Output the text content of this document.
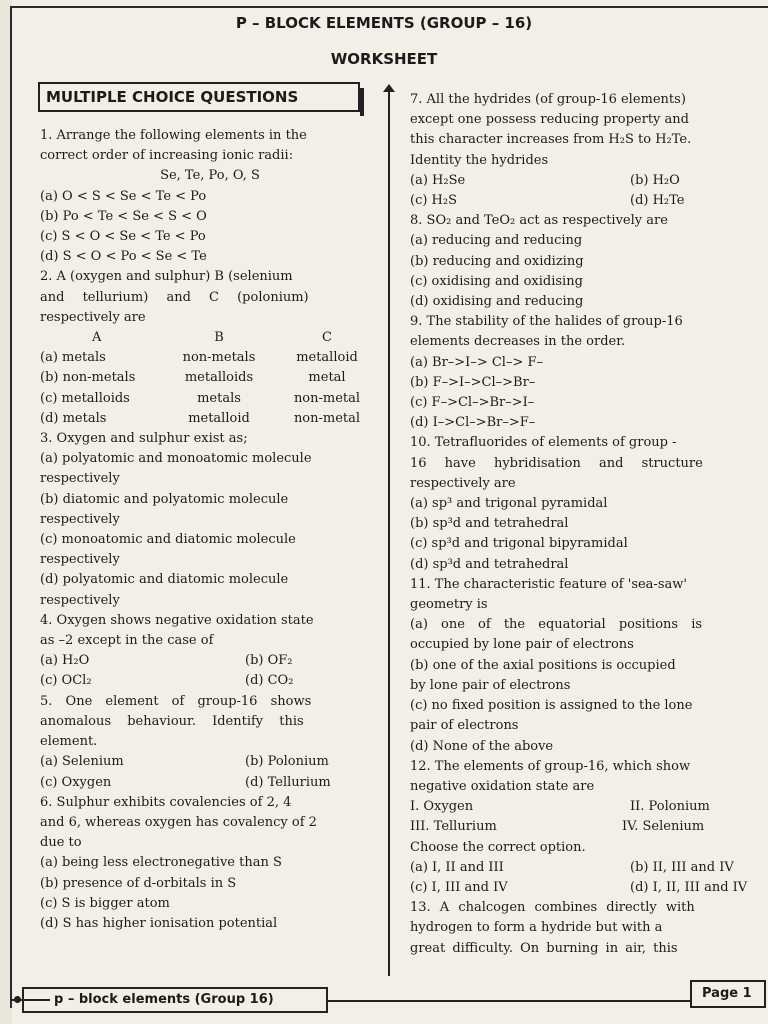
P – BLOCK ELEMENTS (GROUP – 16)
WORKSHEET
MULTIPLE CHOICE QUESTIONS
1. Arrange the following elements in the
correct order of increasing ionic radii:
Se, Te, Po, O, S
(a) O < S < Se < Te < Po
(b) Po < Te < Se < S < O
(c) S < O < Se < Te < Po
(d) S < O < Po < Se < Te
2. A (oxygen and sulphur) B (selenium
and tellurium) and C (polonium)
respectively are
A	B	C
(a) metals	non-metals	metalloid
(b) non-metals	metalloids	metal
(c) metalloids	metals	non-metal
(d) metals	metalloid	non-metal
3. Oxygen and sulphur exist as;
(a) polyatomic and monoatomic molecule
respectively
(b) diatomic and polyatomic molecule
respectively
(c) monoatomic and diatomic molecule
respectively
(d) polyatomic and diatomic molecule
respectively
4. Oxygen shows negative oxidation state
as –2 except in the case of
(a) H₂O	(b) OF₂
(c) OCl₂	(d) CO₂
5. One element of group-16 shows
anomalous behaviour. Identify this
element.
(a) Selenium	(b) Polonium
(c) Oxygen	(d) Tellurium
6. Sulphur exhibits covalencies of 2, 4
and 6, whereas oxygen has covalency of 2
due to
(a) being less electronegative than S
(b) presence of d-orbitals in S
(c) S is bigger atom
(d) S has higher ionisation potential
7. All the hydrides (of group-16 elements)
except one possess reducing property and
this character increases from H₂S to H₂Te.
Identity the hydrides
(a) H₂Se	(b) H₂O
(c) H₂S	(d) H₂Te
8. SO₂ and TeO₂ act as respectively are
(a) reducing and reducing
(b) reducing and oxidizing
(c) oxidising and oxidising
(d) oxidising and reducing
9. The stability of the halides of group-16
elements decreases in the order.
(a) Br–>I–> Cl–> F–
(b) F–>I–>Cl–>Br–
(c) F–>Cl–>Br–>I–
(d) I–>Cl–>Br–>F–
10. Tetrafluorides of elements of group -
16 have hybridisation and structure
respectively are
(a) sp³ and trigonal pyramidal
(b) sp³d and tetrahedral
(c) sp³d and trigonal bipyramidal
(d) sp³d and tetrahedral
11. The characteristic feature of 'sea-saw'
geometry is
(a) one of the equatorial positions is
occupied by lone pair of electrons
(b) one of the axial positions is occupied
by lone pair of electrons
(c) no fixed position is assigned to the lone
pair of electrons
(d) None of the above
12. The elements of group-16, which show
negative oxidation state are
I. Oxygen	II. Polonium
III. Tellurium	IV. Selenium
Choose the correct option.
(a) I, II and III	(b) II, III and IV
(c) I, III and IV	(d) I, II, III and IV
13. A chalcogen combines directly with
hydrogen to form a hydride but with a
great difficulty. On burning in air, this
p – block elements (Group 16)	Page 1
